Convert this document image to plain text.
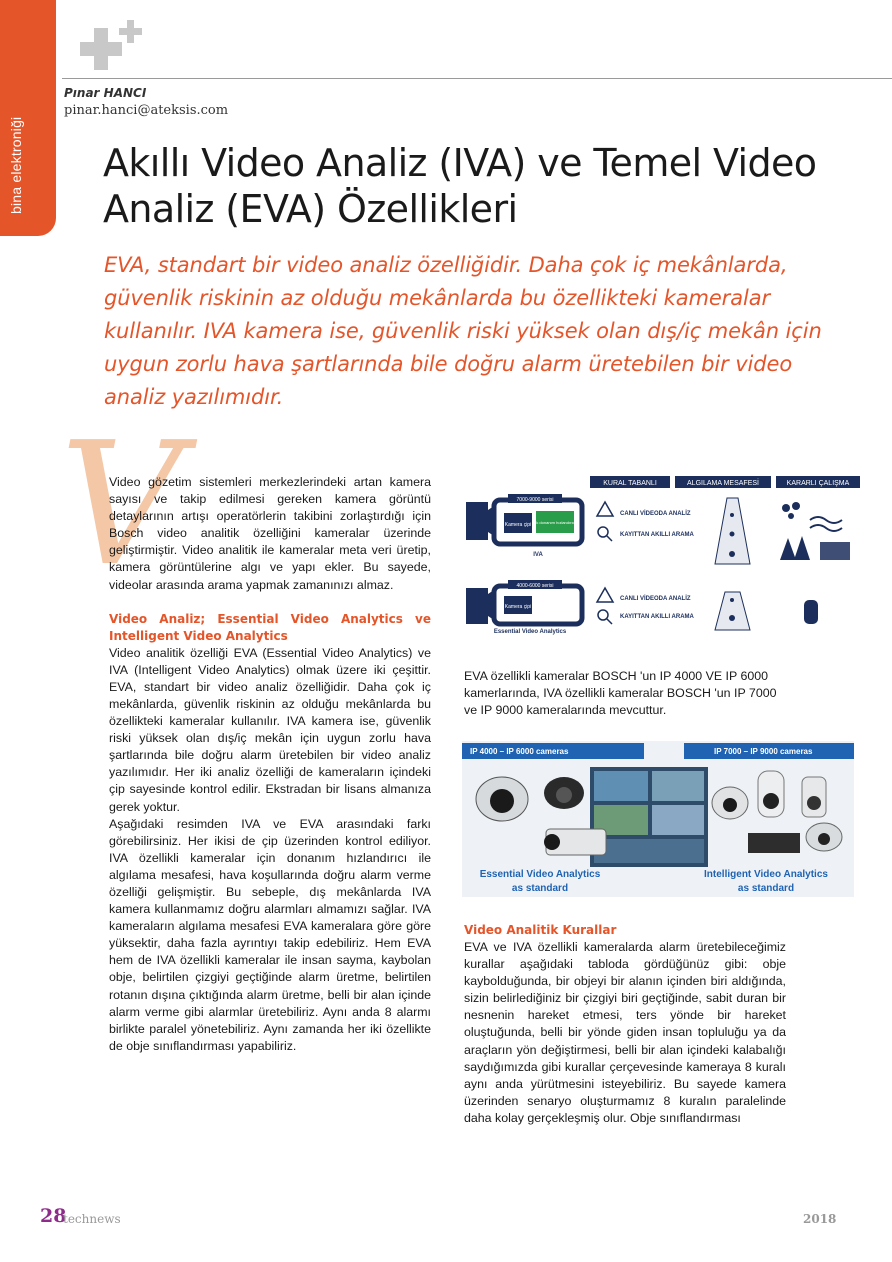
bina elektroniği
Pınar HANCI
pinar.hanci@ateksis.com
Akıllı Video Analiz (IVA) ve Temel Video Analiz (EVA) Özellikleri
EVA, standart bir video analiz özelliğidir. Daha çok iç mekânlarda, güvenlik riskinin az olduğu mekânlarda bu özellikteki kameralar kullanılır. IVA kamera ise, güvenlik riski yüksek olan dış/iç mekân için uygun zorlu hava şartlarında bile doğru alarm üretebilen bir video analiz yazılımıdır.
V

Video gözetim sistemleri merkezlerindeki artan kamera sayısı ve takip edilmesi gereken kamera görüntü detaylarının artışı operatörlerin takibini zorlaştırdığı için Bosch video analitik özelliğini kameralar üzerinde geliştirmiştir. Video analitik ile kameralar meta veri üretip, kamera görüntülerine algı ve yapı ekler. Bu sayede, videolar arasında arama yapmak zamanınızı almaz.

Video Analiz; Essential Video Analytics ve Intelligent Video Analytics

Video analitik özelliği EVA (Essential Video Analytics) ve IVA (Intelligent Video Analytics) olmak üzere iki çeşittir. EVA, standart bir video analiz özelliğidir. Daha çok iç mekânlarda, güvenlik riskinin az olduğu mekânlarda bu özellikteki kameralar kullanılır. IVA kamera ise, güvenlik riski yüksek olan dış/iç mekân için uygun zorlu hava şartlarında bile doğru alarm üretebilen bir video analiz yazılımıdır. Her iki analiz özelliği de kameraların içindeki çip sayesinde kontrol edilir. Ekstradan bir lisans almanıza gerek yoktur.

Aşağıdaki resimden IVA ve EVA arasındaki farkı görebilirsiniz. Her ikisi de çip üzerinden kontrol ediliyor. IVA özellikli kameralar için donanım hızlandırıcı ile algılama mesafesi, hava koşullarında doğru alarm verme özelliği gelişmiştir. Bu sebeple, dış mekânlarda IVA kamera kullanmamız doğru alarmları almamızı sağlar. IVA kameraların algılama mesafesi EVA kameralara göre göre yüksektir, daha fazla ayrıntıyı takip edebiliriz. Hem EVA hem de IVA özellikli kameralar ile insan sayma, kaybolan obje, belirtilen çizgiyi geçtiğinde alarm üretme, belirtilen rotanın dışına çıktığında alarm üretme, belli bir alan içinde alarm verme gibi alarmlar üretebiliriz. Aynı anda 8 alarmı birlikte paralel yönetebiliriz. Aynı zamanda her iki özellikte de obje sınıflandırması yapabiliriz.

KURAL TABANLI	ALGILAMA MESAFESİ	KARARLI ÇALIŞMA
7000-9000 serisi
Kamera çipi İlk donanım hızlandırıcı
IVA
4000-6000 serisi
Kamera çipi
Essential Video Analytics
CANLI VİDEODA ANALİZ
KAYITTAN AKILLI ARAMA
CANLI VİDEODA ANALİZ
KAYITTAN AKILLI ARAMA

EVA özellikli kameralar BOSCH 'un IP 4000 VE IP 6000 kamerlarında, IVA özellikli kameralar BOSCH 'un IP 7000 ve IP 9000 kameralarında mevcuttur.

IP 4000 – IP 6000 cameras	IP 7000 – IP 9000 cameras
Essential Video Analytics
as standard
Intelligent Video Analytics
as standard

Video Analitik Kurallar

EVA ve IVA özellikli kameralarda alarm üretebileceğimiz kurallar aşağıdaki tabloda gördüğünüz gibi: obje kaybolduğunda, bir objeyi bir alanın içinden biri aldığında, sizin belirlediğiniz bir çizgiyi biri geçtiğinde, sabit duran bir nesnenin hareket etmesi, ters yönde bir hareket oluştuğunda, belli bir yönde giden insan topluluğu ya da araçların yön değiştirmesi, belli bir alan içindeki kalabalığı saydığımızda gibi kurallar çerçevesinde kameraya 8 kuralı aynı anda yürütmesini isteyebiliriz. Bu sayede kamera üzerinden senaryo oluşturmamız 8 kuralın paralelinde daha kolay gerçekleşmiş olur. Obje sınıflandırması

28
technews	2018
